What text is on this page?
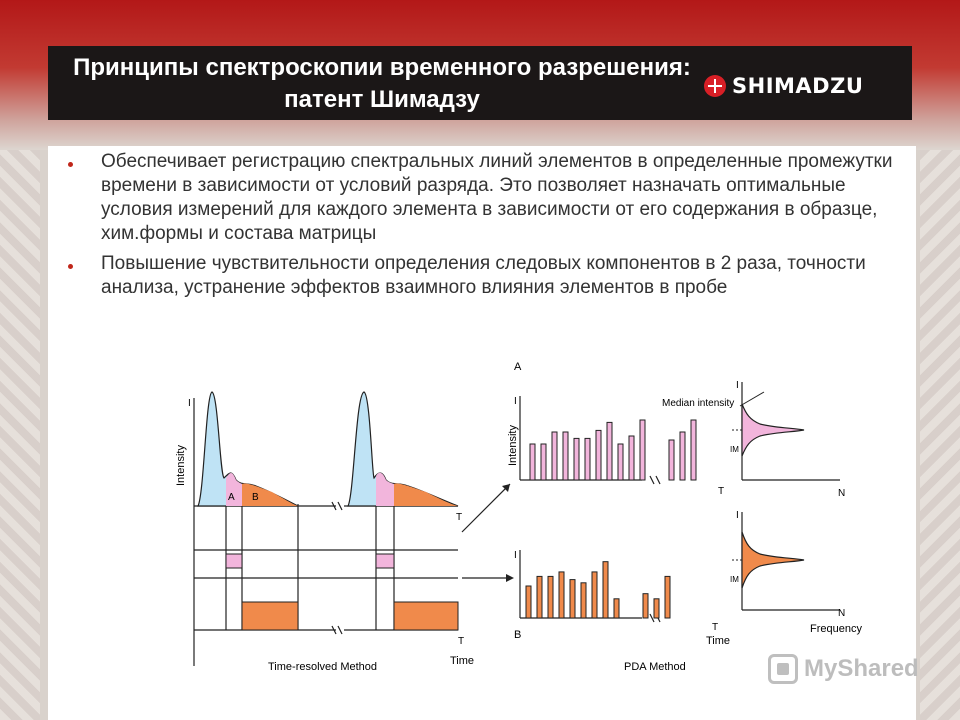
Принципы спектроскопии временного разрешения: патент Шимадзу	SHIMADZU
Обеспечивает регистрацию спектральных линий элементов в определенные промежутки времени в зависимости от условий разряда. Это позволяет назначать оптимальные условия измерений для каждого элемента в зависимости от его содержания в образце, хим.формы и состава матрицы
Повышение чувствительности определения следовых компонентов в 2 раза, точности анализа, устранение эффектов взаимного влияния элементов в пробе
Intensity
I
A B
T
T
Time
Time-resolved Method
A
B
I
I
Intensity
T
T
Time
PDA Method
Median intensity
I
I
IM
IM
N
N
Frequency
MyShared
